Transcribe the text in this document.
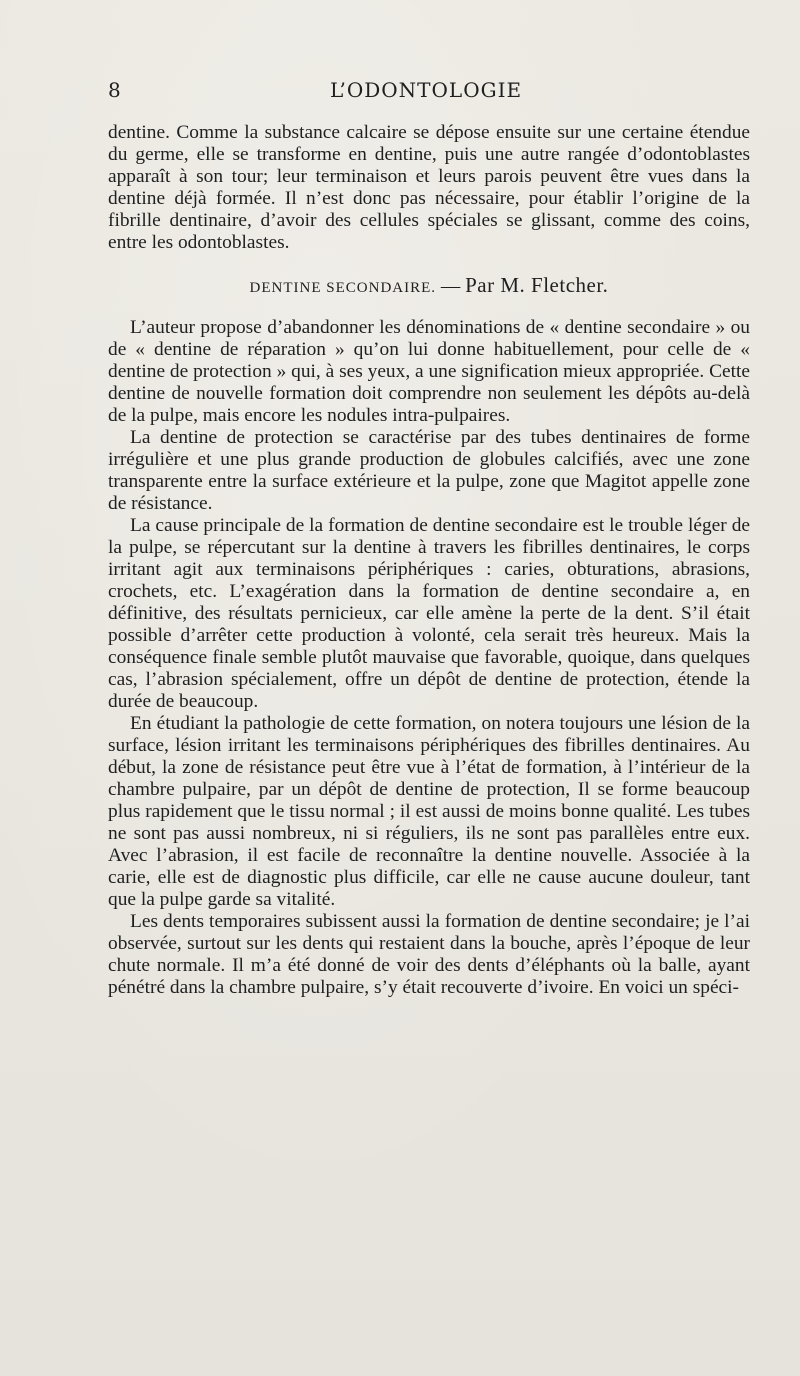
8	L’ODONTOLOGIE

dentine. Comme la substance calcaire se dépose ensuite sur une certaine étendue du germe, elle se transforme en dentine, puis une autre rangée d’odontoblastes apparaît à son tour; leur terminaison et leurs parois peuvent être vues dans la dentine déjà formée. Il n’est donc pas nécessaire, pour établir l’origine de la fibrille dentinaire, d’avoir des cellules spéciales se glissant, comme des coins, entre les odontoblastes.

DENTINE SECONDAIRE. — Par M. Fletcher.

L’auteur propose d’abandonner les dénominations de « dentine secondaire » ou de « dentine de réparation » qu’on lui donne habituellement, pour celle de « dentine de protection » qui, à ses yeux, a une signification mieux appropriée. Cette dentine de nouvelle formation doit comprendre non seulement les dépôts au-delà de la pulpe, mais encore les nodules intra-pulpaires.

La dentine de protection se caractérise par des tubes dentinaires de forme irrégulière et une plus grande production de globules calcifiés, avec une zone transparente entre la surface extérieure et la pulpe, zone que Magitot appelle zone de résistance.

La cause principale de la formation de dentine secondaire est le trouble léger de la pulpe, se répercutant sur la dentine à travers les fibrilles dentinaires, le corps irritant agit aux terminaisons périphériques : caries, obturations, abrasions, crochets, etc. L’exagération dans la formation de dentine secondaire a, en définitive, des résultats pernicieux, car elle amène la perte de la dent. S’il était possible d’arrêter cette production à volonté, cela serait très heureux. Mais la conséquence finale semble plutôt mauvaise que favorable, quoique, dans quelques cas, l’abrasion spécialement, offre un dépôt de dentine de protection, étende la durée de beaucoup.

En étudiant la pathologie de cette formation, on notera toujours une lésion de la surface, lésion irritant les terminaisons périphériques des fibrilles dentinaires. Au début, la zone de résistance peut être vue à l’état de formation, à l’intérieur de la chambre pulpaire, par un dépôt de dentine de protection, Il se forme beaucoup plus rapidement que le tissu normal ; il est aussi de moins bonne qualité. Les tubes ne sont pas aussi nombreux, ni si réguliers, ils ne sont pas parallèles entre eux. Avec l’abrasion, il est facile de reconnaître la dentine nouvelle. Associée à la carie, elle est de diagnostic plus difficile, car elle ne cause aucune douleur, tant que la pulpe garde sa vitalité.

Les dents temporaires subissent aussi la formation de dentine secondaire; je l’ai observée, surtout sur les dents qui restaient dans la bouche, après l’époque de leur chute normale. Il m’a été donné de voir des dents d’éléphants où la balle, ayant pénétré dans la chambre pulpaire, s’y était recouverte d’ivoire. En voici un spéci-
